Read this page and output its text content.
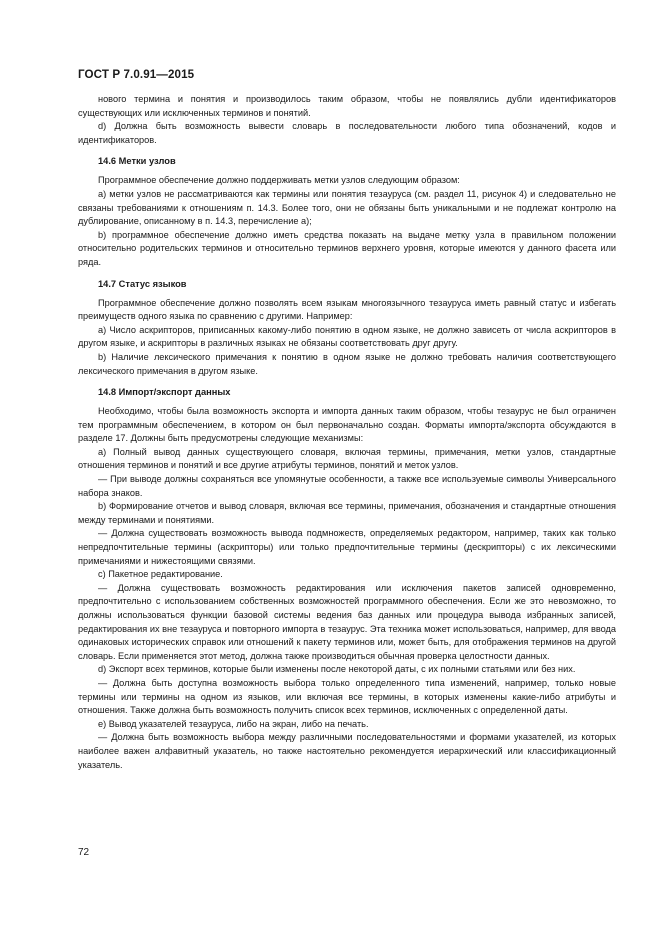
ГОСТ Р 7.0.91—2015

нового термина и понятия и производилось таким образом, чтобы не появлялись дубли идентификаторов существующих или исключенных терминов и понятий.

d) Должна быть возможность вывести словарь в последовательности любого типа обозначений, кодов и идентификаторов.

14.6 Метки узлов

Программное обеспечение должно поддерживать метки узлов следующим образом:

а) метки узлов не рассматриваются как термины или понятия тезауруса (см. раздел 11, рисунок 4) и следовательно не связаны требованиями к отношениям п. 14.3. Более того, они не обязаны быть уникальными и не подлежат контролю на дублирование, описанному в п. 14.3, перечисление а);

b) программное обеспечение должно иметь средства показать на выдаче метку узла в правильном положении относительно родительских терминов и относительно терминов верхнего уровня, которые имеются у данного фасета или ряда.

14.7 Статус языков

Программное обеспечение должно позволять всем языкам многоязычного тезауруса иметь равный статус и избегать преимуществ одного языка по сравнению с другими. Например:

а) Число аскрипторов, приписанных какому-либо понятию в одном языке, не должно зависеть от числа аскрипторов в другом языке, и аскрипторы в различных языках не обязаны соответствовать друг другу.

b) Наличие лексического примечания к понятию в одном языке не должно требовать наличия соответствующего лексического примечания в другом языке.

14.8 Импорт/экспорт данных

Необходимо, чтобы была возможность экспорта и импорта данных таким образом, чтобы тезаурус не был ограничен тем программным обеспечением, в котором он был первоначально создан. Форматы импорта/экспорта обсуждаются в разделе 17. Должны быть предусмотрены следующие механизмы:

а) Полный вывод данных существующего словаря, включая термины, примечания, метки узлов, стандартные отношения терминов и понятий и все другие атрибуты терминов, понятий и меток узлов.

— При выводе должны сохраняться все упомянутые особенности, а также все используемые символы Универсального набора знаков.

b) Формирование отчетов и вывод словаря, включая все термины, примечания, обозначения и стандартные отношения между терминами и понятиями.

— Должна существовать возможность вывода подмножеств, определяемых редактором, например, таких как только непредпочтительные термины (аскрипторы) или только предпочтительные термины (дескрипторы) с их лексическими примечаниями и нижестоящими связями.

с) Пакетное редактирование.

— Должна существовать возможность редактирования или исключения пакетов записей одновременно, предпочтительно с использованием собственных возможностей программного обеспечения. Если же это невозможно, то должны использоваться функции базовой системы ведения баз данных или процедура вывода избранных записей, редактирования их вне тезауруса и повторного импорта в тезаурус. Эта техника может использоваться, например, для ввода одинаковых исторических справок или отношений к пакету терминов или, может быть, для отображения терминов на другой словарь. Если применяется этот метод, должна также производиться обычная проверка целостности данных.

d) Экспорт всех терминов, которые были изменены после некоторой даты, с их полными статьями или без них.

— Должна быть доступна возможность выбора только определенного типа изменений, например, только новые термины или термины на одном из языков, или включая все термины, в которых изменены какие-либо атрибуты и отношения. Также должна быть возможность получить список всех терминов, исключенных с определенной даты.

е) Вывод указателей тезауруса, либо на экран, либо на печать.

— Должна быть возможность выбора между различными последовательностями и формами указателей, из которых наиболее важен алфавитный указатель, но также настоятельно рекомендуется иерархический или классификационный указатель.

72
